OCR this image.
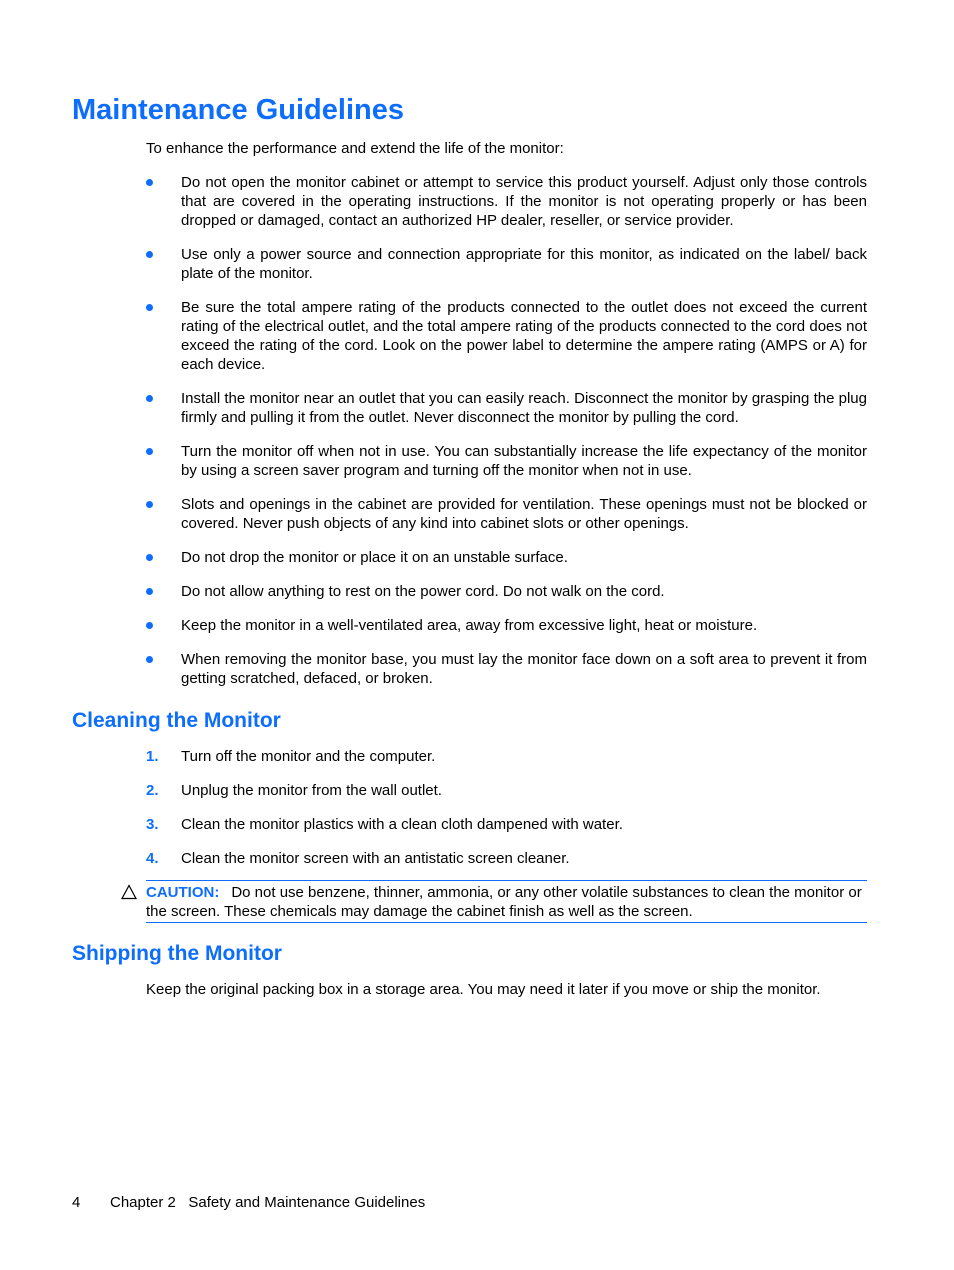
Maintenance Guidelines

To enhance the performance and extend the life of the monitor:

Do not open the monitor cabinet or attempt to service this product yourself. Adjust only those controls that are covered in the operating instructions. If the monitor is not operating properly or has been dropped or damaged, contact an authorized HP dealer, reseller, or service provider.
Use only a power source and connection appropriate for this monitor, as indicated on the label/ back plate of the monitor.
Be sure the total ampere rating of the products connected to the outlet does not exceed the current rating of the electrical outlet, and the total ampere rating of the products connected to the cord does not exceed the rating of the cord. Look on the power label to determine the ampere rating (AMPS or A) for each device.
Install the monitor near an outlet that you can easily reach. Disconnect the monitor by grasping the plug firmly and pulling it from the outlet. Never disconnect the monitor by pulling the cord.
Turn the monitor off when not in use. You can substantially increase the life expectancy of the monitor by using a screen saver program and turning off the monitor when not in use.
Slots and openings in the cabinet are provided for ventilation. These openings must not be blocked or covered. Never push objects of any kind into cabinet slots or other openings.
Do not drop the monitor or place it on an unstable surface.
Do not allow anything to rest on the power cord. Do not walk on the cord.
Keep the monitor in a well-ventilated area, away from excessive light, heat or moisture.
When removing the monitor base, you must lay the monitor face down on a soft area to prevent it from getting scratched, defaced, or broken.
Cleaning the Monitor
1. Turn off the monitor and the computer.
2. Unplug the monitor from the wall outlet.
3. Clean the monitor plastics with a clean cloth dampened with water.
4. Clean the monitor screen with an antistatic screen cleaner.
CAUTION: Do not use benzene, thinner, ammonia, or any other volatile substances to clean the monitor or the screen. These chemicals may damage the cabinet finish as well as the screen.
Shipping the Monitor

Keep the original packing box in a storage area. You may need it later if you move or ship the monitor.

4 Chapter 2   Safety and Maintenance Guidelines
